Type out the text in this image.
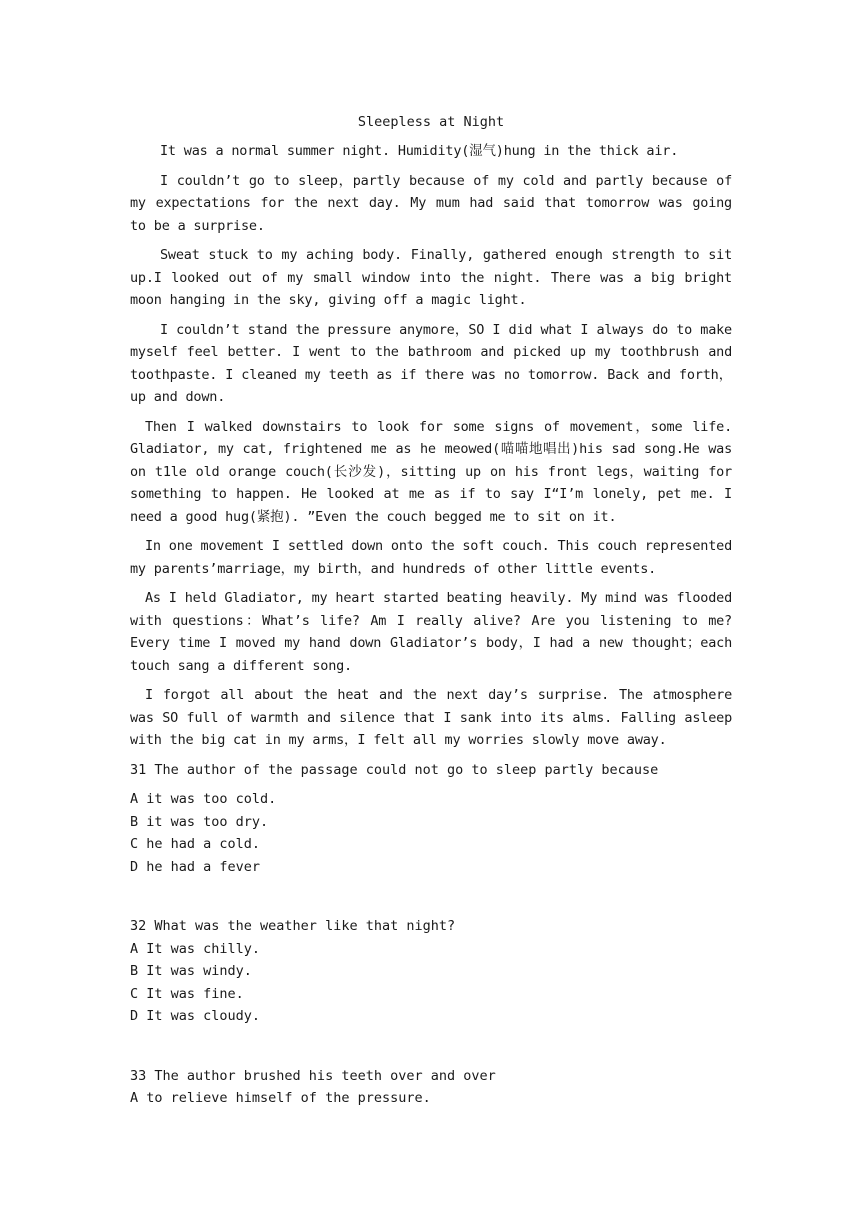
Sleepless at Night

It was a normal summer night. Humidity(湿气)hung in the thick air.

I couldn’t go to sleep，partly because of my cold and partly because of my expectations for the next day. My mum had said that tomorrow was going to be a surprise.

Sweat stuck to my aching body. Finally, gathered enough strength to sit up.I looked out of my small window into the night. There was a big bright moon hanging in the sky, giving off a magic light.

I couldn’t stand the pressure anymore，SO I did what I always do to make myself feel better. I went to the bathroom and picked up my toothbrush and toothpaste. I cleaned my teeth as if there was no tomorrow. Back and forth，up and down.

Then I walked downstairs to look for some signs of movement，some life. Gladiator, my cat, frightened me as he meowed(喵喵地唱出)his sad song.He was on t1le old orange couch(长沙发)，sitting up on his front legs，waiting for something to happen. He looked at me as if to say I“I’m lonely, pet me. I need a good hug(紧抱). ”Even the couch begged me to sit on it.

In one movement I settled down onto the soft couch. This couch represented my parents’marriage，my birth，and hundreds of other little events.

As I held Gladiator, my heart started beating heavily. My mind was flooded with questions：What’s life? Am I really alive? Are you listening to me? Every time I moved my hand down Gladiator’s body，I had a new thought；each touch sang a different song.

I forgot all about the heat and the next day’s surprise. The atmosphere was SO full of warmth and silence that I sank into its alms. Falling asleep with the big cat in my arms，I felt all my worries slowly move away.

31 The author of the passage could not go to sleep partly because
A it was too cold.
B it was too dry.
C he had a cold.
D he had a fever
32 What was the weather like that night?
A It was chilly.
B It was windy.
C It was fine.
D It was cloudy.
33 The author brushed his teeth over and over
A to relieve himself of the pressure.
